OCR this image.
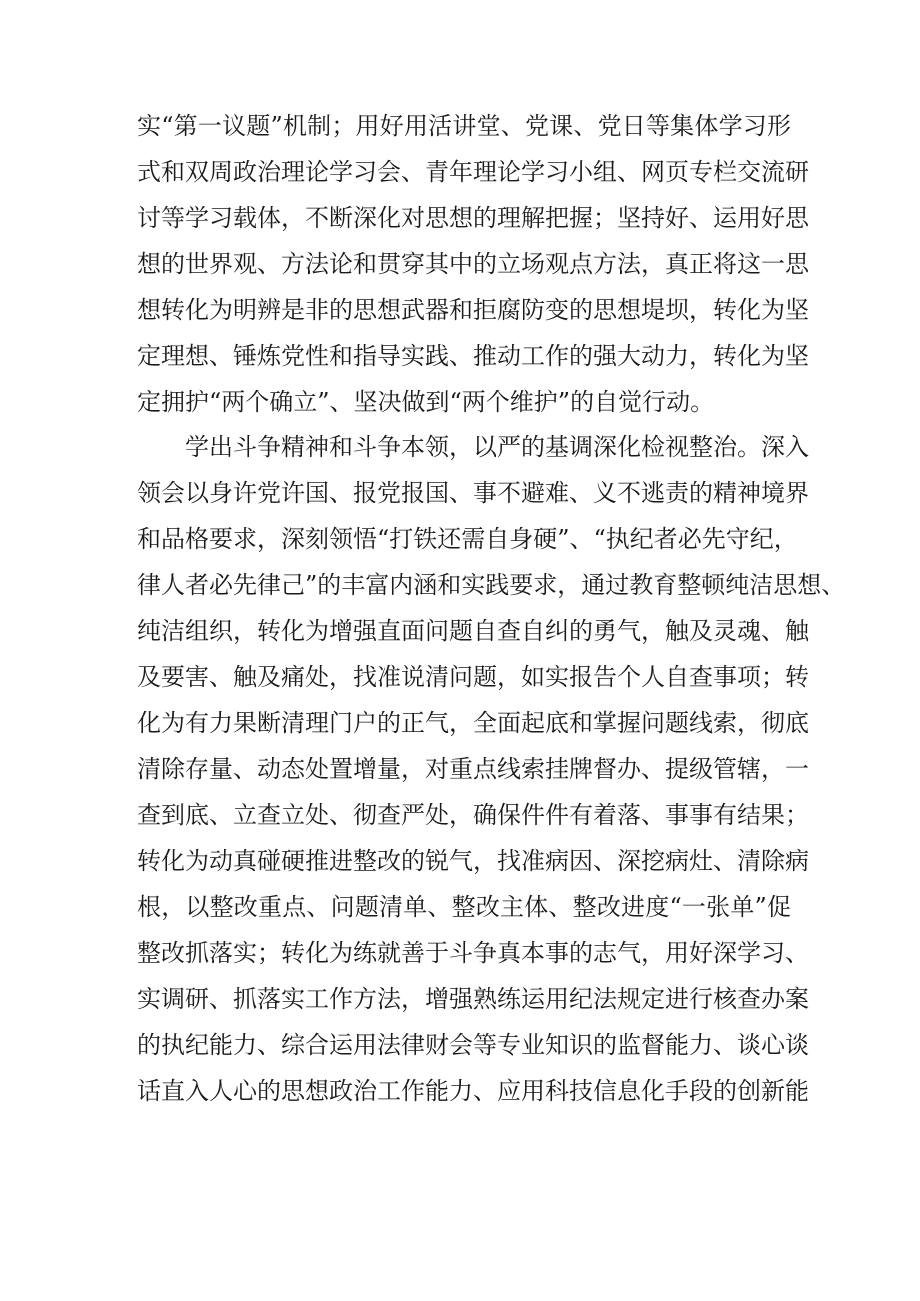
实“第一议题”机制；用好用活讲堂、党课、党日等集体学习形
式和双周政治理论学习会、青年理论学习小组、网页专栏交流研
讨等学习载体，不断深化对思想的理解把握；坚持好、运用好思
想的世界观、方法论和贯穿其中的立场观点方法，真正将这一思
想转化为明辨是非的思想武器和拒腐防变的思想堤坝，转化为坚
定理想、锤炼党性和指导实践、推动工作的强大动力，转化为坚
定拥护“两个确立”、坚决做到“两个维护”的自觉行动。
学出斗争精神和斗争本领，以严的基调深化检视整治。深入
领会以身许党许国、报党报国、事不避难、义不逃责的精神境界
和品格要求，深刻领悟“打铁还需自身硬”、“执纪者必先守纪，
律人者必先律己”的丰富内涵和实践要求，通过教育整顿纯洁思想、
纯洁组织，转化为增强直面问题自查自纠的勇气，触及灵魂、触
及要害、触及痛处，找准说清问题，如实报告个人自查事项；转
化为有力果断清理门户的正气，全面起底和掌握问题线索，彻底
清除存量、动态处置增量，对重点线索挂牌督办、提级管辖，一
查到底、立查立处、彻查严处，确保件件有着落、事事有结果；
转化为动真碰硬推进整改的锐气，找准病因、深挖病灶、清除病
根，以整改重点、问题清单、整改主体、整改进度“一张单”促
整改抓落实；转化为练就善于斗争真本事的志气，用好深学习、
实调研、抓落实工作方法，增强熟练运用纪法规定进行核查办案
的执纪能力、综合运用法律财会等专业知识的监督能力、谈心谈
话直入人心的思想政治工作能力、应用科技信息化手段的创新能
